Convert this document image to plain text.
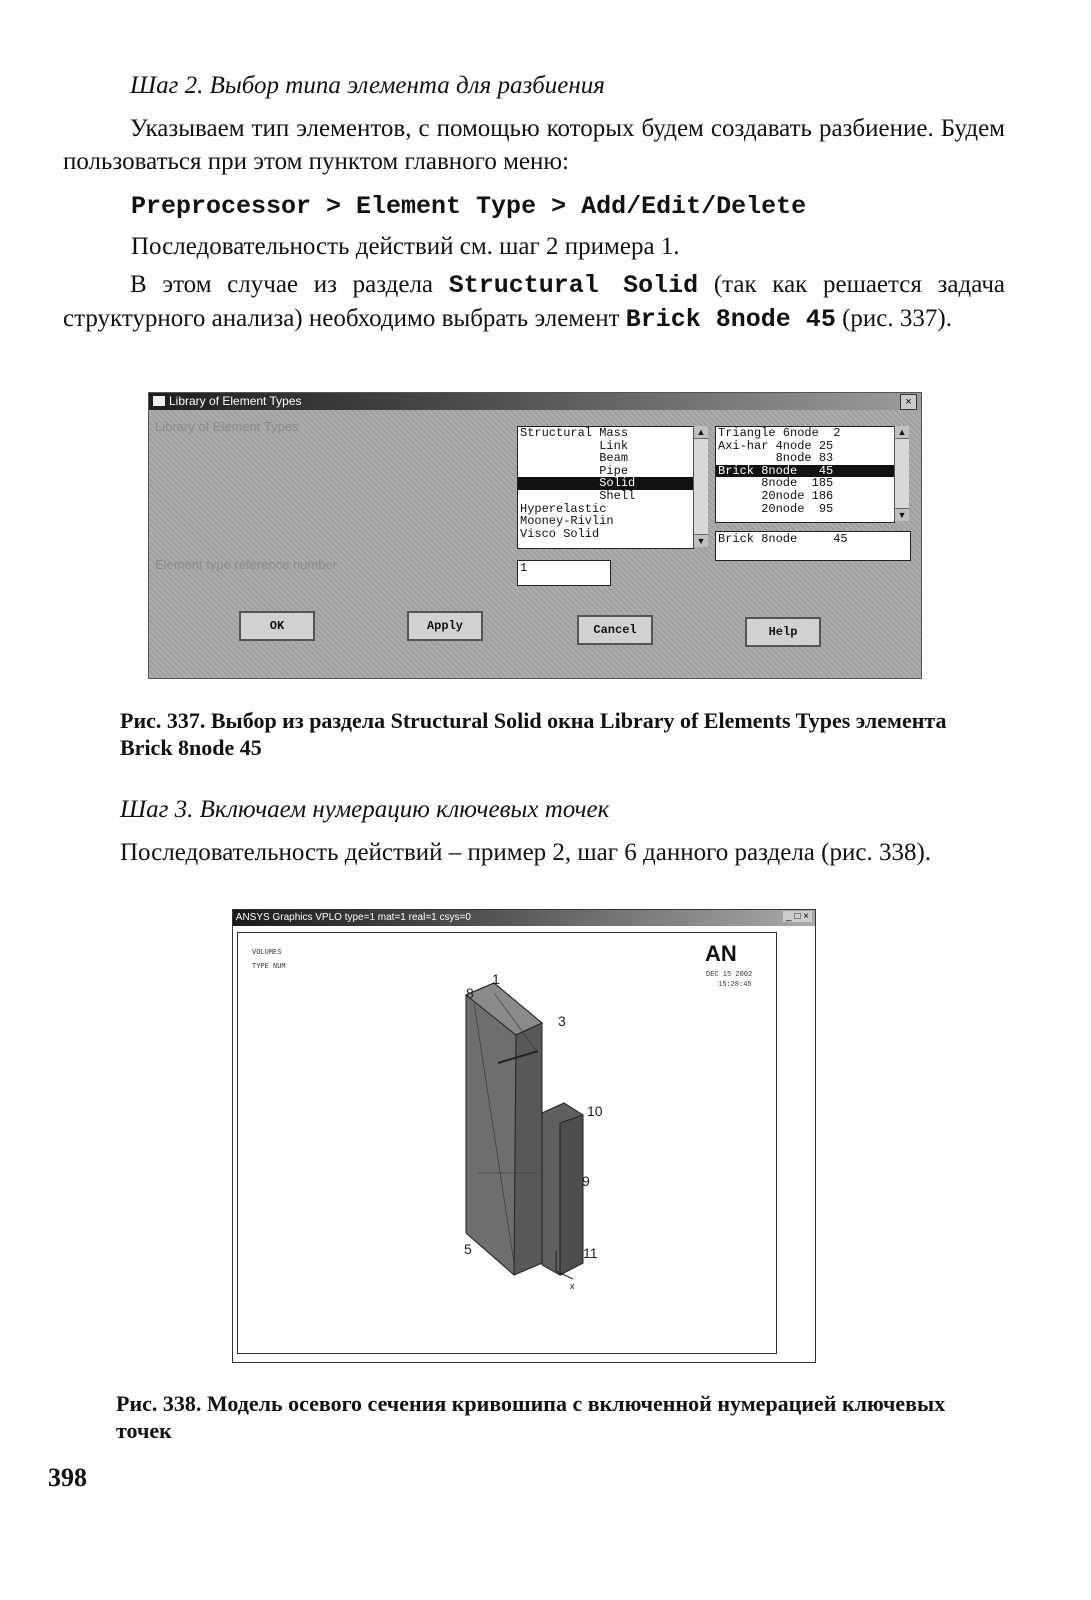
Шаг 2. Выбор типа элемента для разбиения
Указываем тип элементов, с помощью которых будем создавать разбиение. Будем пользоваться при этом пунктом главного меню:
Preprocessor > Element Type > Add/Edit/Delete
Последовательность действий см. шаг 2 примера 1.
В этом случае из раздела Structural Solid (так как решается задача структурного анализа) необходимо выбрать элемент Brick 8node 45 (рис. 337).
Library of Element Types	×
Library of Element Types
Element type reference number
Structural Mass
Link
Beam
Pipe
Solid
Shell
Hyperelastic
Mooney-Rivlin
Visco Solid
▲
▼
Triangle 6node  2
Axi-har 4node 25
8node 83
Brick 8node   45
8node  185
20node 186
20node  95
▲
▼
Brick 8node     45
1
OK	Apply	Cancel	Help
Рис. 337. Выбор из раздела Structural Solid окна Library of Elements Types элемента Brick 8node 45
Шаг 3. Включаем нумерацию ключевых точек
Последовательность действий – пример 2, шаг 6 данного раздела (рис. 338).
ANSYS Graphics VPLO type=1 mat=1 real=1 csys=0	_ □ ×
VOLUMES
TYPE NUM
AN
DEC 15 2002
15:28:45
1
8
3
10
9
11
5
x
Рис. 338. Модель осевого сечения кривошипа с включенной нумерацией ключевых точек
398
